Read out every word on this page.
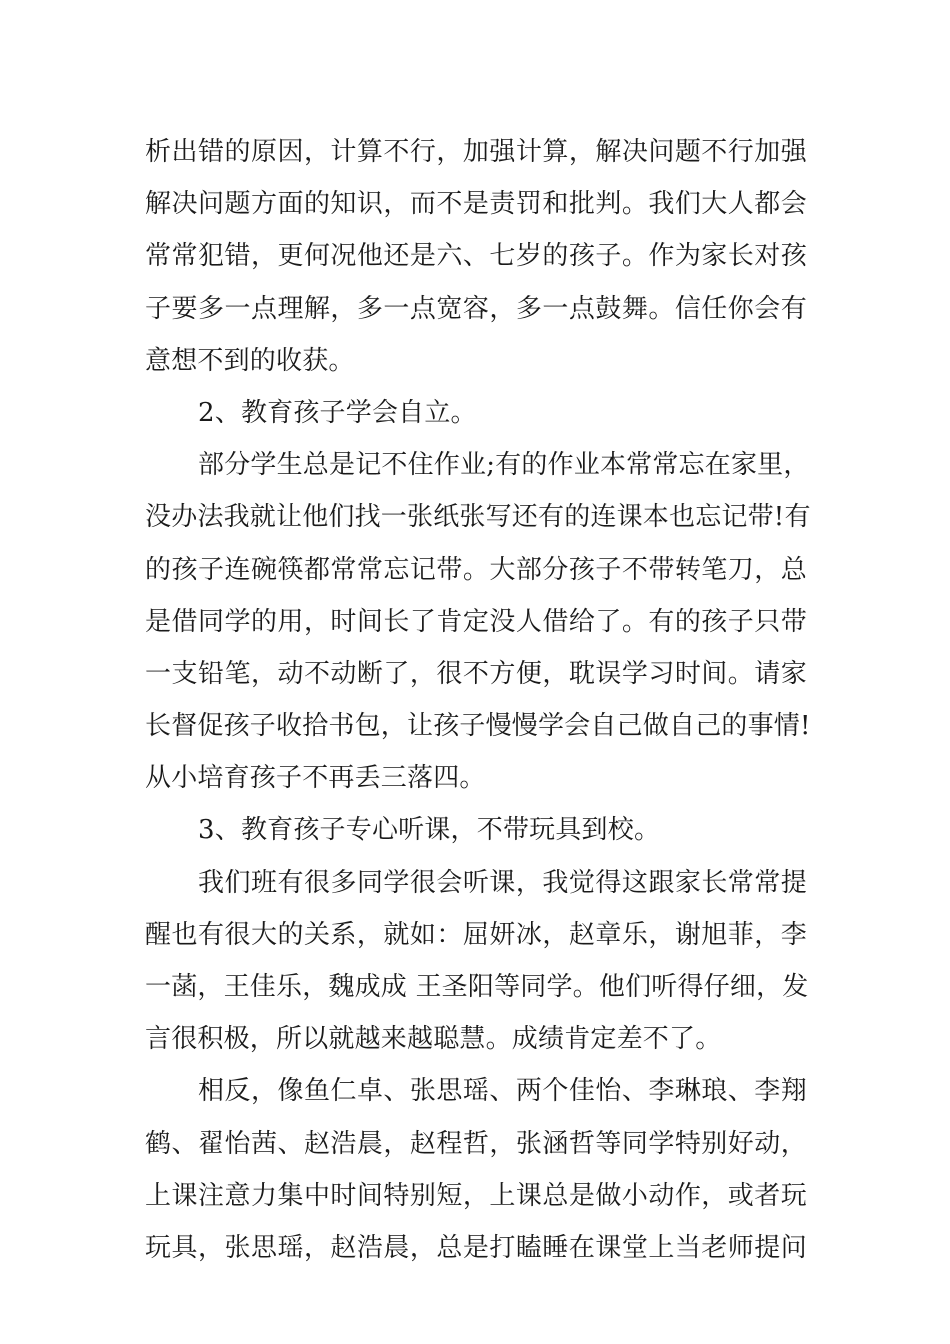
析出错的原因，计算不行，加强计算，解决问题不行加强
解决问题方面的知识，而不是责罚和批判。我们大人都会
常常犯错，更何况他还是六、七岁的孩子。作为家长对孩
子要多一点理解，多一点宽容，多一点鼓舞。信任你会有
意想不到的收获。
2、教育孩子学会自立。
部分学生总是记不住作业;有的作业本常常忘在家里，
没办法我就让他们找一张纸张写还有的连课本也忘记带!有
的孩子连碗筷都常常忘记带。大部分孩子不带转笔刀，总
是借同学的用，时间长了肯定没人借给了。有的孩子只带
一支铅笔，动不动断了，很不方便，耽误学习时间。请家
长督促孩子收拾书包，让孩子慢慢学会自己做自己的事情!
从小培育孩子不再丢三落四。
3、教育孩子专心听课，不带玩具到校。
我们班有很多同学很会听课，我觉得这跟家长常常提
醒也有很大的关系，就如：屈妍冰，赵章乐，谢旭菲，李
一菡，王佳乐，魏成成 王圣阳等同学。他们听得仔细，发
言很积极，所以就越来越聪慧。成绩肯定差不了。
相反，像鱼仁卓、张思瑶、两个佳怡、李琳琅、李翔
鹤、翟怡茜、赵浩晨，赵程哲，张涵哲等同学特别好动，
上课注意力集中时间特别短，上课总是做小动作，或者玩
玩具，张思瑶，赵浩晨，总是打瞌睡在课堂上当老师提问
